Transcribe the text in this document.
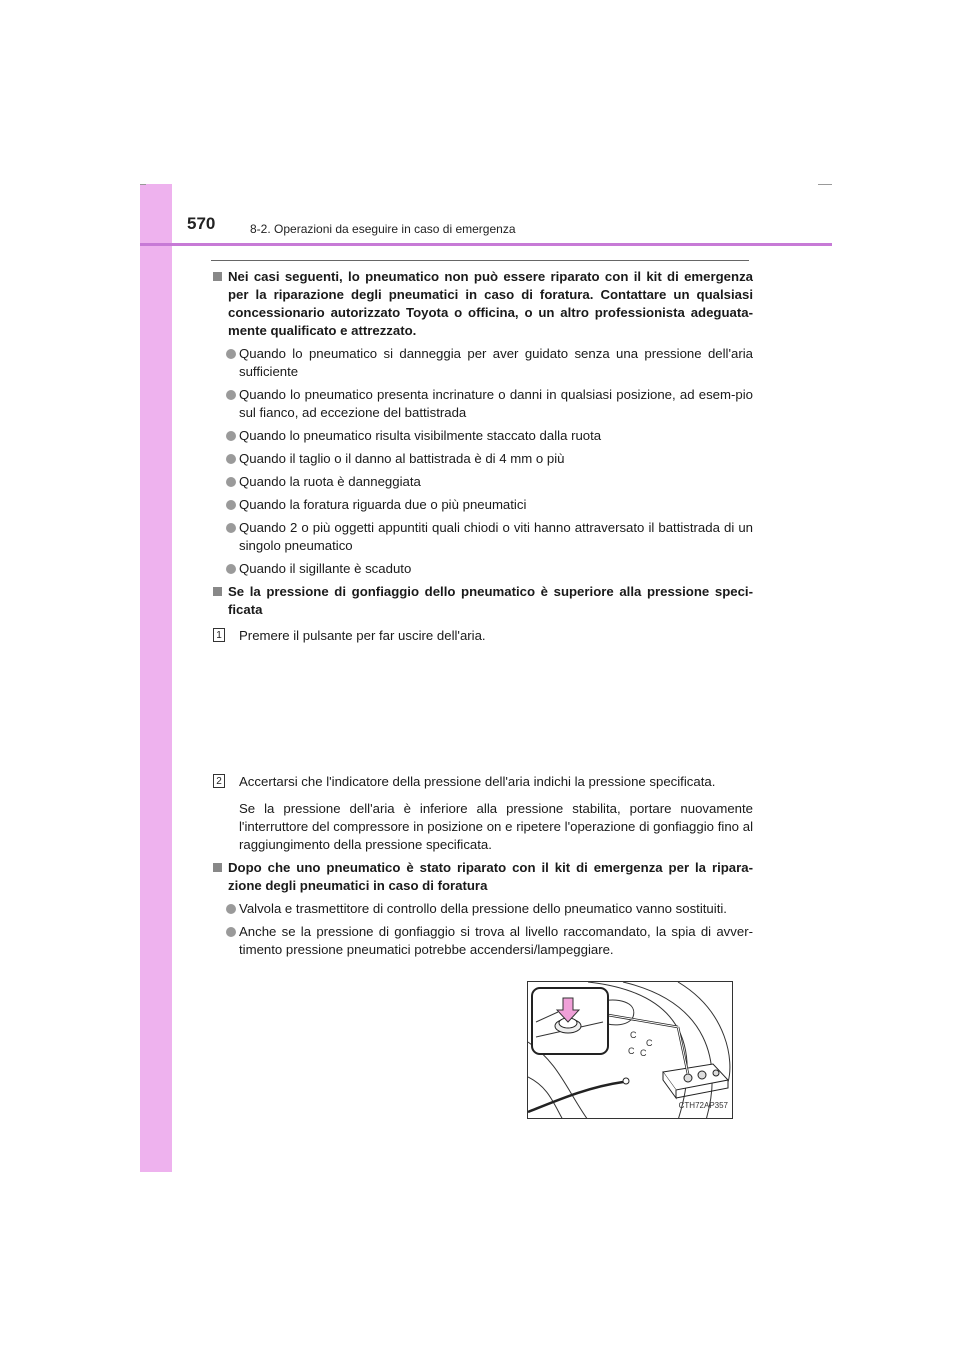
570	8-2. Operazioni da eseguire in caso di emergenza
Nei casi seguenti, lo pneumatico non può essere riparato con il kit di emergenza per la riparazione degli pneumatici in caso di foratura. Contattare un qualsiasi concessionario autorizzato Toyota o officina, o un altro professionista adeguata-mente qualificato e attrezzato.
Quando lo pneumatico si danneggia per aver guidato senza una pressione dell'aria sufficiente
Quando lo pneumatico presenta incrinature o danni in qualsiasi posizione, ad esem-pio sul fianco, ad eccezione del battistrada
Quando lo pneumatico risulta visibilmente staccato dalla ruota
Quando il taglio o il danno al battistrada è di 4 mm o più
Quando la ruota è danneggiata
Quando la foratura riguarda due o più pneumatici
Quando 2 o più oggetti appuntiti quali chiodi o viti hanno attraversato il battistrada di un singolo pneumatico
Quando il sigillante è scaduto
Se la pressione di gonfiaggio dello pneumatico è superiore alla pressione speci-ficata
1 Premere il pulsante per far uscire dell'aria.
C
C
C C
CTH72AP357
2 Accertarsi che l'indicatore della pressione dell'aria indichi la pressione specificata.

Se la pressione dell'aria è inferiore alla pressione stabilita, portare nuovamente l'interruttore del compressore in posizione on e ripetere l'operazione di gonfiaggio fino al raggiungimento della pressione specificata.

Dopo che uno pneumatico è stato riparato con il kit di emergenza per la ripara-zione degli pneumatici in caso di foratura
Valvola e trasmettitore di controllo della pressione dello pneumatico vanno sostituiti.
Anche se la pressione di gonfiaggio si trova al livello raccomandato, la spia di avver-timento pressione pneumatici potrebbe accendersi/lampeggiare.
